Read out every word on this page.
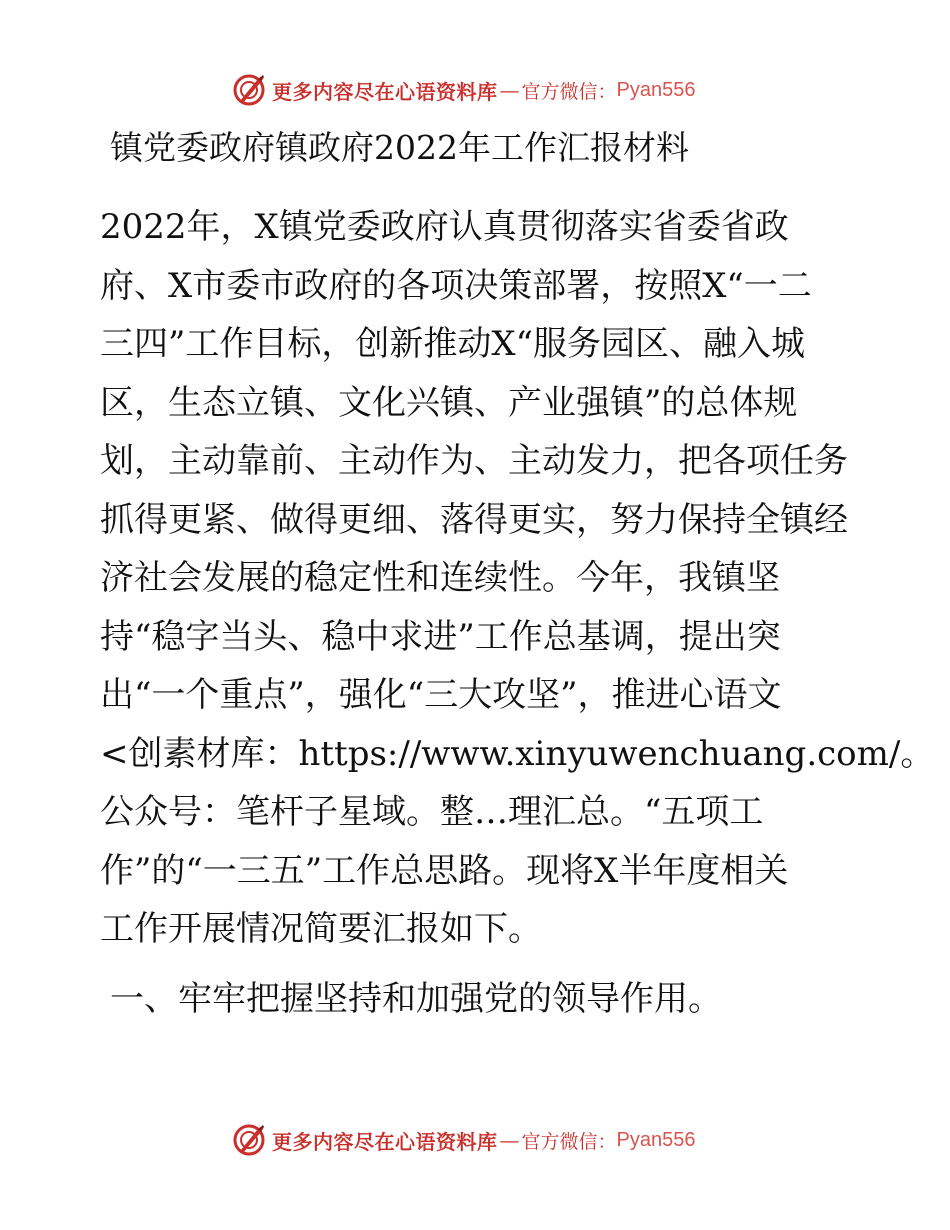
更多内容尽在心语资料库 — 官方微信： Pyan556
镇党委政府镇政府2022年工作汇报材料
2022年，X镇党委政府认真贯彻落实省委省政
府、X市委市政府的各项决策部署，按照X“一二
三四”工作目标，创新推动X“服务园区、融入城
区，生态立镇、文化兴镇、产业强镇”的总体规
划，主动靠前、主动作为、主动发力，把各项任务
抓得更紧、做得更细、落得更实，努力保持全镇经
济社会发展的稳定性和连续性。今年，我镇坚
持“稳字当头、稳中求进”工作总基调，提出突
出“一个重点”，强化“三大攻坚”，推进心语文
<创素材库：https://www.xinyuwenchuang.com/。
公众号：笔杆子星域。整…理汇总。“五项工
作”的“一三五”工作总思路。现将X半年度相关
工作开展情况简要汇报如下。
一、牢牢把握坚持和加强党的领导作用。
更多内容尽在心语资料库 — 官方微信： Pyan556
